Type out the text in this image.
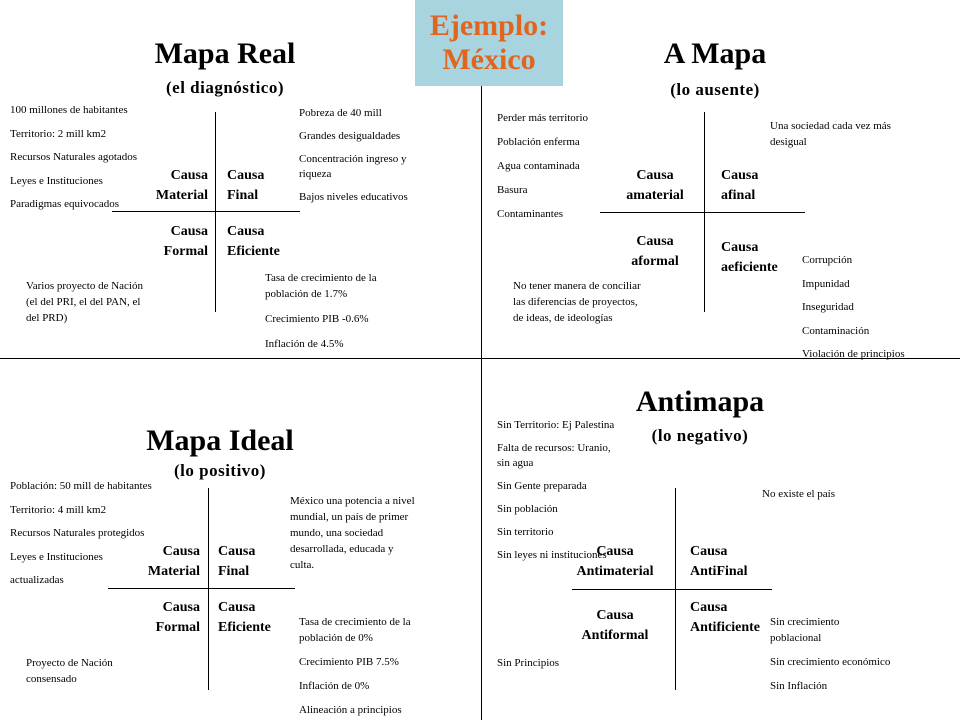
Ejemplo:
México
Mapa Real
(el diagnóstico)
Causa
Material
Causa
Final
Causa
Formal
Causa
Eficiente
100 millones de habitantes
Territorio: 2 mill km2
Recursos Naturales agotados
Leyes e Instituciones
Paradigmas equivocados
Pobreza de 40 mill
Grandes desigualdades
Concentración ingreso y
riqueza
Bajos niveles educativos
Varios proyecto de Nación
(el del PRI, el del PAN, el
del PRD)
Tasa de crecimiento de la
población de 1.7%
Crecimiento PIB -0.6%
Inflación de 4.5%
A Mapa
(lo ausente)
Causa
amaterial
Causa
afinal
Causa
aformal
Causa
aeficiente
Perder más territorio
Población enferma
Agua contaminada
Basura
Contaminantes
Una sociedad cada vez más
desigual
No tener manera de conciliar
las diferencias de proyectos,
de ideas, de ideologías
Corrupción
Impunidad
Inseguridad
Contaminación
Violación de principios
Mapa Ideal
(lo positivo)
Causa
Material
Causa
Final
Causa
Formal
Causa
Eficiente
Población: 50 mill de habitantes
Territorio: 4 mill km2
Recursos Naturales protegidos
Leyes e Instituciones
actualizadas
México una potencia a nivel
mundial, un país de primer
mundo, una sociedad
desarrollada, educada y
culta.
Proyecto de Nación
consensado
Tasa de crecimiento de la
población de 0%
Crecimiento PIB 7.5%
Inflación de 0%
Alineación a principios
Antimapa
(lo negativo)
Causa
Antimaterial
Causa
AntiFinal
Causa
Antiformal
Causa
Antificiente
Sin Territorio: Ej Palestina
Falta de recursos: Uranio,
sin agua
Sin Gente preparada
Sin población
Sin territorio
Sin leyes ni instituciones
No existe el país
Sin Principios
Sin crecimiento
poblacional
Sin crecimiento económico
Sin Inflación
